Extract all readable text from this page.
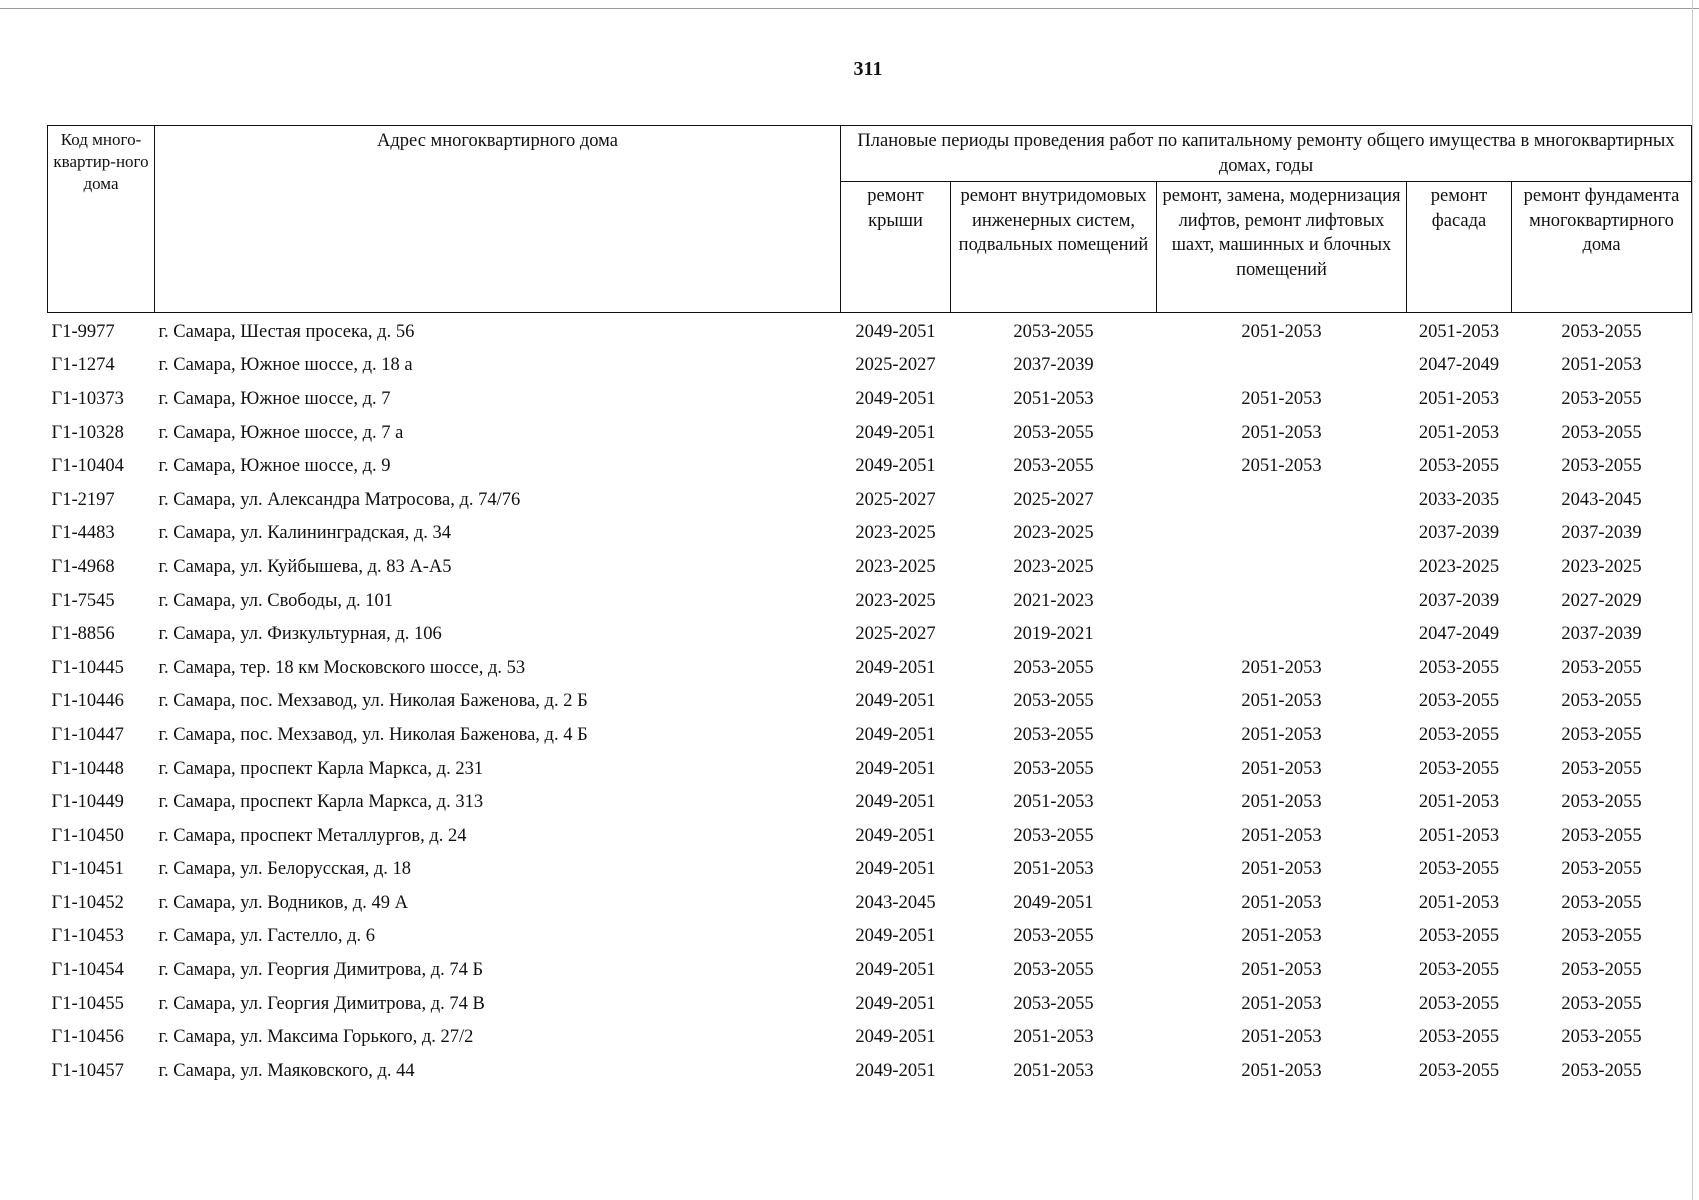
311
Код много-квартир-ного дома	Адрес многоквартирного дома	Плановые периоды проведения работ по капитальному ремонту общего имущества в многоквартирных домах, годы				
		ремонт крыши	ремонт внутридомовых инженерных систем, подвальных помещений	ремонт, замена, модернизация лифтов, ремонт лифтовых шахт, машинных и блочных помещений	ремонт фасада	ремонт фундамента многоквартирного дома
Г1-9977	г. Самара, Шестая просека, д. 56	2049-2051	2053-2055	2051-2053	2051-2053	2053-2055
Г1-1274	г. Самара, Южное шоссе, д. 18 а	2025-2027	2037-2039		2047-2049	2051-2053
Г1-10373	г. Самара, Южное шоссе, д. 7	2049-2051	2051-2053	2051-2053	2051-2053	2053-2055
Г1-10328	г. Самара, Южное шоссе, д. 7 а	2049-2051	2053-2055	2051-2053	2051-2053	2053-2055
Г1-10404	г. Самара, Южное шоссе, д. 9	2049-2051	2053-2055	2051-2053	2053-2055	2053-2055
Г1-2197	г. Самара, ул. Александра Матросова, д. 74/76	2025-2027	2025-2027		2033-2035	2043-2045
Г1-4483	г. Самара, ул. Калининградская, д. 34	2023-2025	2023-2025		2037-2039	2037-2039
Г1-4968	г. Самара, ул. Куйбышева, д. 83 А-А5	2023-2025	2023-2025		2023-2025	2023-2025
Г1-7545	г. Самара, ул. Свободы, д. 101	2023-2025	2021-2023		2037-2039	2027-2029
Г1-8856	г. Самара, ул. Физкультурная, д. 106	2025-2027	2019-2021		2047-2049	2037-2039
Г1-10445	г. Самара, тер. 18 км Московского шоссе, д. 53	2049-2051	2053-2055	2051-2053	2053-2055	2053-2055
Г1-10446	г. Самара, пос. Мехзавод, ул. Николая Баженова, д. 2 Б	2049-2051	2053-2055	2051-2053	2053-2055	2053-2055
Г1-10447	г. Самара, пос. Мехзавод, ул. Николая Баженова, д. 4 Б	2049-2051	2053-2055	2051-2053	2053-2055	2053-2055
Г1-10448	г. Самара, проспект Карла Маркса, д. 231	2049-2051	2053-2055	2051-2053	2053-2055	2053-2055
Г1-10449	г. Самара, проспект Карла Маркса, д. 313	2049-2051	2051-2053	2051-2053	2051-2053	2053-2055
Г1-10450	г. Самара, проспект Металлургов, д. 24	2049-2051	2053-2055	2051-2053	2051-2053	2053-2055
Г1-10451	г. Самара, ул. Белорусская, д. 18	2049-2051	2051-2053	2051-2053	2053-2055	2053-2055
Г1-10452	г. Самара, ул. Водников, д. 49 А	2043-2045	2049-2051	2051-2053	2051-2053	2053-2055
Г1-10453	г. Самара, ул. Гастелло, д. 6	2049-2051	2053-2055	2051-2053	2053-2055	2053-2055
Г1-10454	г. Самара, ул. Георгия Димитрова, д. 74 Б	2049-2051	2053-2055	2051-2053	2053-2055	2053-2055
Г1-10455	г. Самара, ул. Георгия Димитрова, д. 74 В	2049-2051	2053-2055	2051-2053	2053-2055	2053-2055
Г1-10456	г. Самара, ул. Максима Горького, д. 27/2	2049-2051	2051-2053	2051-2053	2053-2055	2053-2055
Г1-10457	г. Самара, ул. Маяковского, д. 44	2049-2051	2051-2053	2051-2053	2053-2055	2053-2055
